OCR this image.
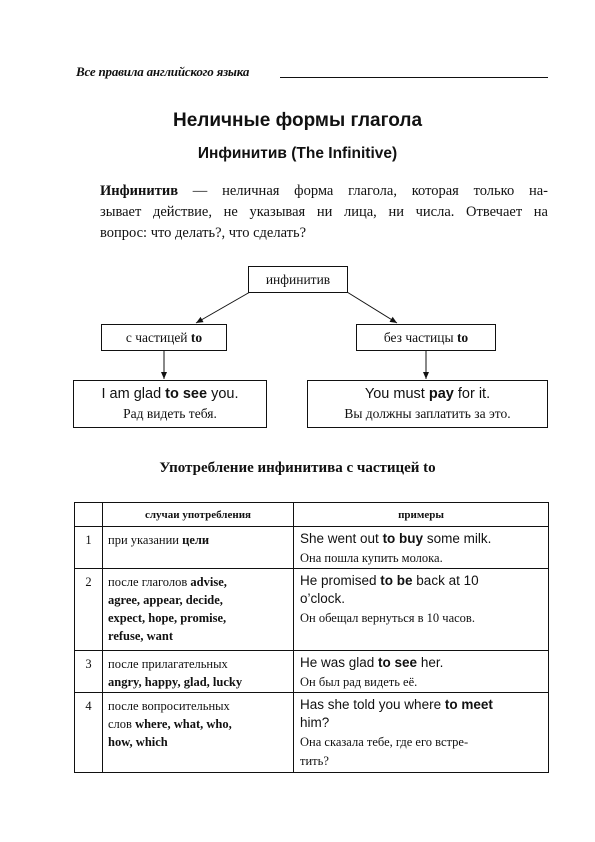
Все правила английского языка
Неличные формы глагола
Инфинитив (The Infinitive)
Инфинитив — неличная форма глагола, которая только на-
зывает действие, не указывая ни лица, ни числа. Отвечает на
вопрос: что делать?, что сделать?
инфинитив
с частицей to	без частицы to
I am glad to see you.
Рад видеть тебя.
You must pay for it.
Вы должны заплатить за это.
Употребление инфинитива с частицей to
	случаи употребления	примеры
1	при указании цели	She went out to buy some milk.
Она пошла купить молока.

2	после глаголов advise,
agree, appear, decide,
expect, hope, promise,
refuse, want	He promised to be back at 10
o’clock.
Он обещал вернуться в 10 часов.

3	после прилагательных
angry, happy, glad, lucky	He was glad to see her.
Он был рад видеть её.

4	после вопросительных
слов where, what, who,
how, which	Has she told you where to meet
him?
Она сказала тебе, где его встре-
тить?
